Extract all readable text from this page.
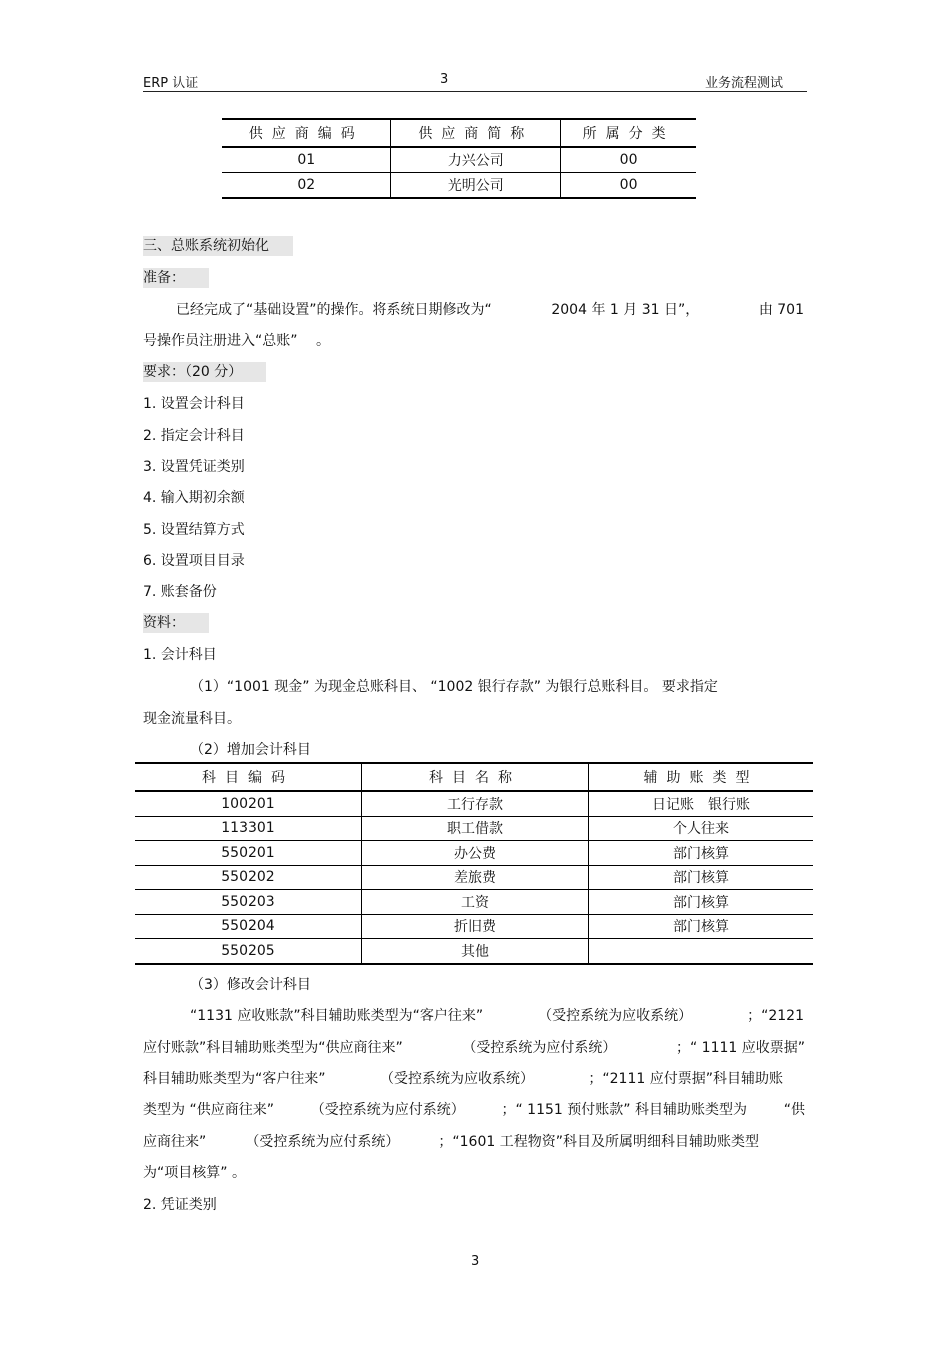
ERP 认证	3	业务流程测试
供应商编码	供应商简称	所属分类
01	力兴公司	00
02	光明公司	00
三、总账系统初始化
准备：
已经完成了“基础设置”的操作。将系统日期修改为“	2004 年 1 月 31 日”，	由 701
号操作员注册进入“总账”　 。
要求：（20 分）
1. 设置会计科目
2. 指定会计科目
3. 设置凭证类别
4. 输入期初余额
5. 设置结算方式
6. 设置项目目录
7. 账套备份
资料：
1. 会计科目
（1）“1001 现金” 为现金总账科目、 “1002 银行存款” 为银行总账科目。 要求指定
现金流量科目。
（2）增加会计科目
科目编码	科目名称	辅助账类型
100201	工行存款	日记账　银行账
113301	职工借款	个人往来
550201	办公费	部门核算
550202	差旅费	部门核算
550203	工资	部门核算
550204	折旧费	部门核算
550205	其他	
（3）修改会计科目
“1131 应收账款”科目辅助账类型为“客户往来”	（受控系统为应收系统）	；“2121
应付账款”科目辅助账类型为“供应商往来”	（受控系统为应付系统）	；“ 1111 应收票据”
科目辅助账类型为“客户往来”	（受控系统为应收系统）	；“2111 应付票据”科目辅助账
类型为 “供应商往来”	（受控系统为应付系统）	；“ 1151 预付账款” 科目辅助账类型为	“供
应商往来”	（受控系统为应付系统）	；“1601 工程物资”科目及所属明细科目辅助账类型
为“项目核算” 。
2. 凭证类别
3
